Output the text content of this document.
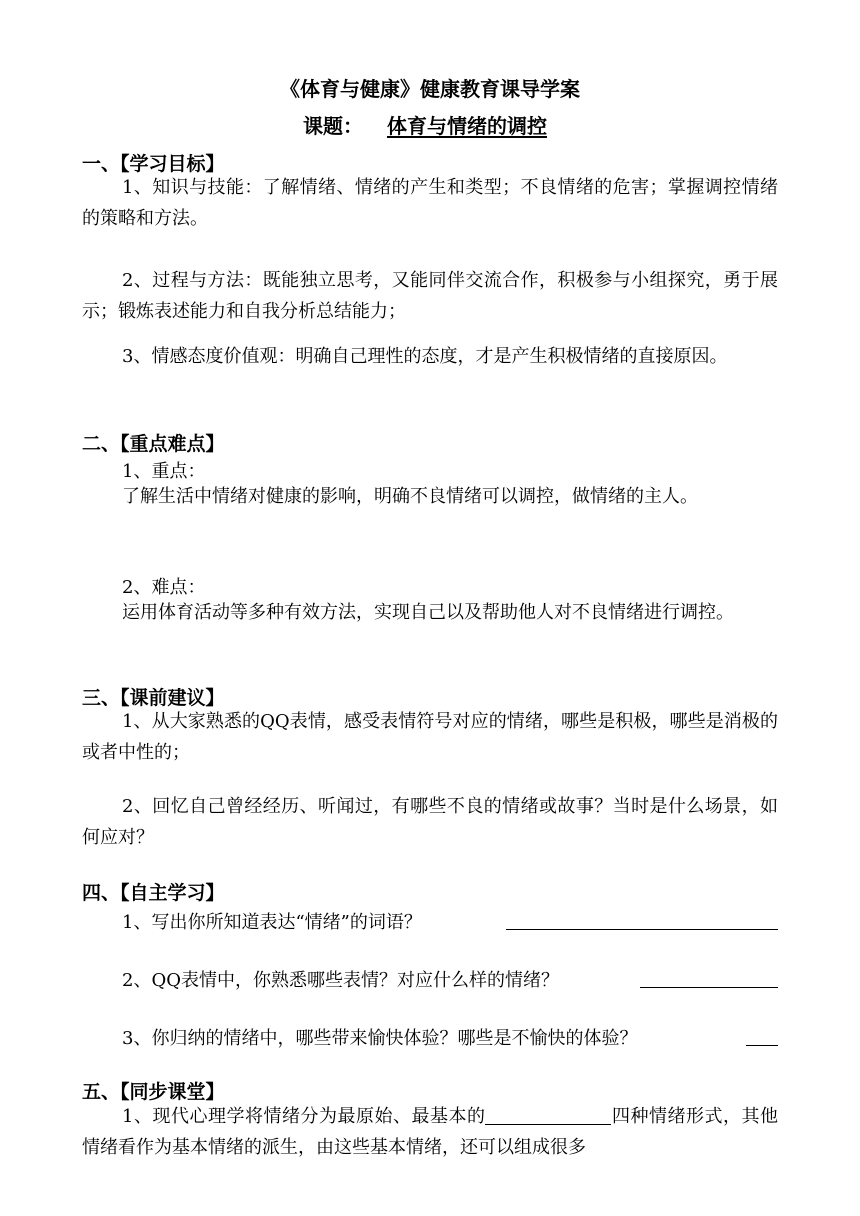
《体育与健康》健康教育课导学案
课题： 体育与情绪的调控
一、【学习目标】
1、知识与技能：了解情绪、情绪的产生和类型；不良情绪的危害；掌握调控情绪的策略和方法。
2、过程与方法：既能独立思考，又能同伴交流合作，积极参与小组探究，勇于展示；锻炼表述能力和自我分析总结能力；
3、情感态度价值观：明确自己理性的态度，才是产生积极情绪的直接原因。
二、【重点难点】
1、重点：
了解生活中情绪对健康的影响，明确不良情绪可以调控，做情绪的主人。
2、难点：
运用体育活动等多种有效方法，实现自己以及帮助他人对不良情绪进行调控。
三、【课前建议】
1、从大家熟悉的QQ表情，感受表情符号对应的情绪，哪些是积极，哪些是消极的或者中性的；
2、回忆自己曾经经历、听闻过，有哪些不良的情绪或故事？当时是什么场景，如何应对？
四、【自主学习】
1、写出你所知道表达“情绪”的词语？
2、QQ表情中，你熟悉哪些表情？对应什么样的情绪？
3、你归纳的情绪中，哪些带来愉快体验？哪些是不愉快的体验？
五、【同步课堂】
1、现代心理学将情绪分为最原始、最基本的	四种情绪形式，其他情绪看作为基本情绪的派生，由这些基本情绪，还可以组成很多
